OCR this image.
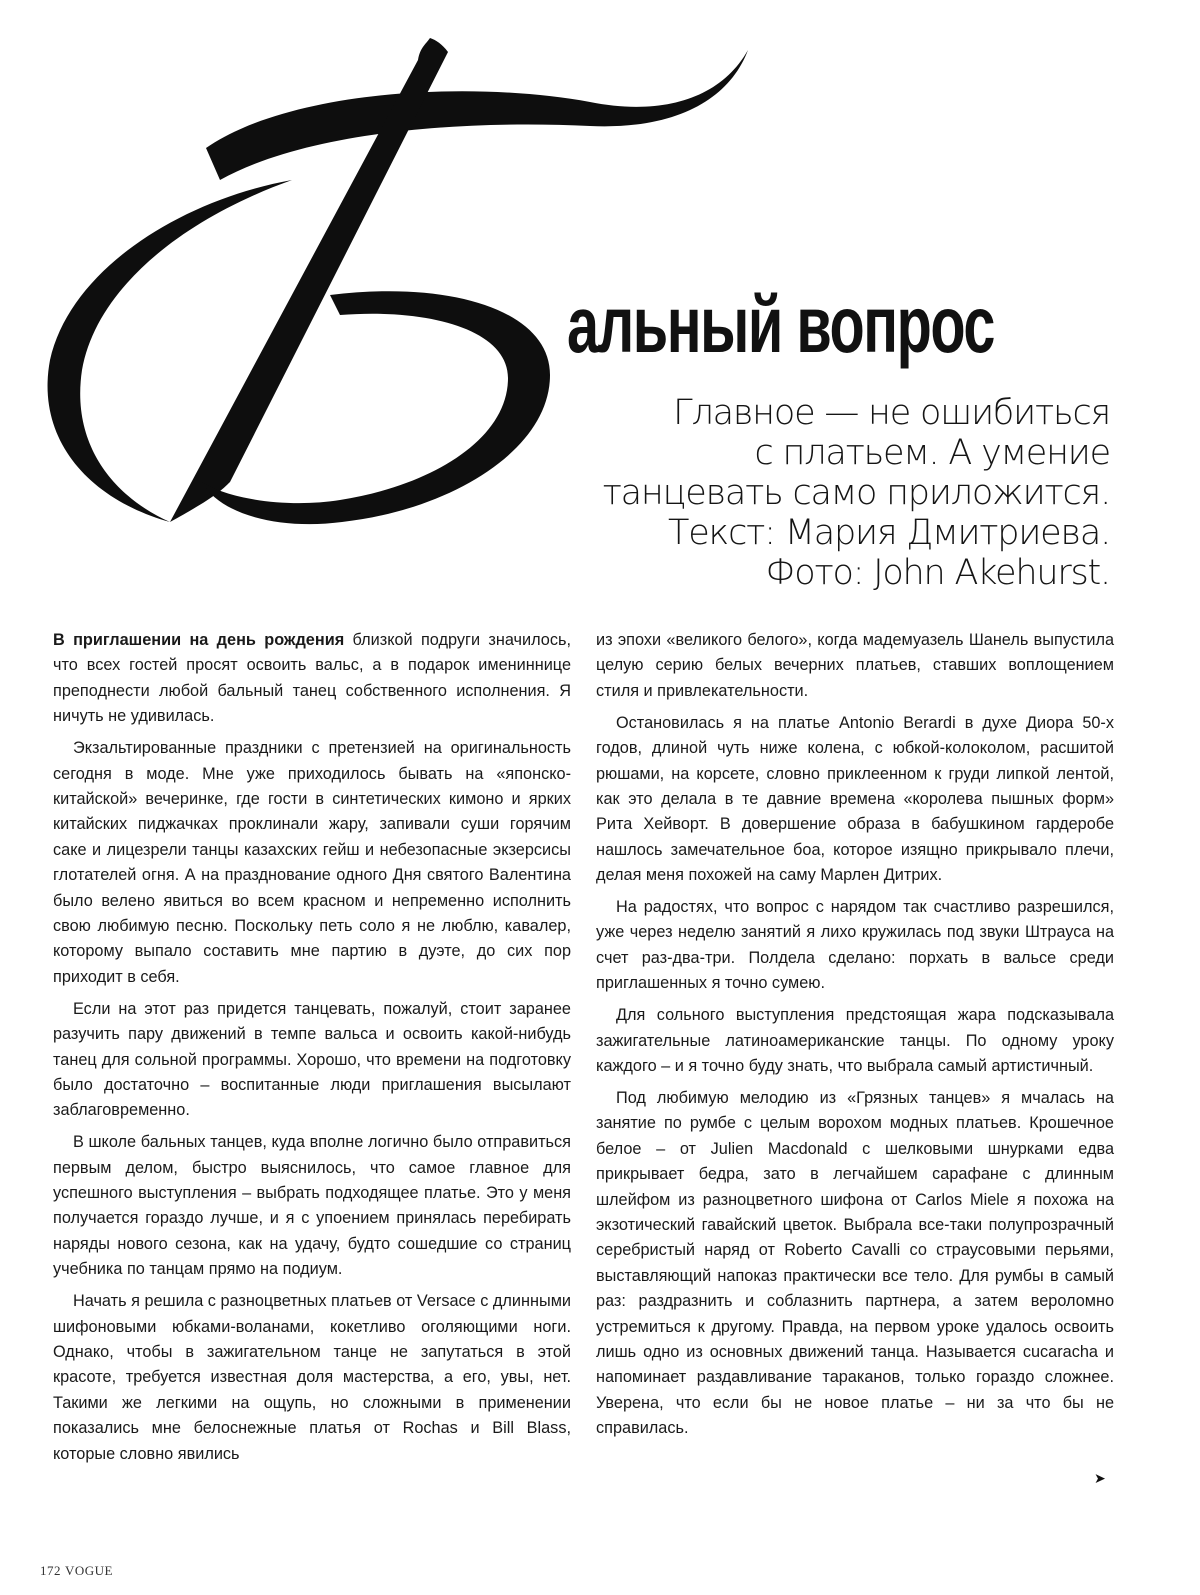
альный вопрос
Главное — не ошибиться
с платьем. А умение
танцевать само приложится.
Текст: Мария Дмитриева.
Фото: John Akehurst.

В приглашении на день рождения близкой подруги значилось, что всех гостей просят освоить вальс, а в подарок имениннице преподнести любой бальный танец собственного исполнения. Я ничуть не удивилась.

Экзальтированные праздники с претензией на оригинальность сегодня в моде. Мне уже приходилось бывать на «японско-китайской» вечеринке, где гости в синтетических кимоно и ярких китайских пиджачках проклинали жару, запивали суши горячим саке и лицезрели танцы казахских гейш и небезопасные экзерсисы глотателей огня. А на празднование одного Дня святого Валентина было велено явиться во всем красном и непременно исполнить свою любимую песню. Поскольку петь соло я не люблю, кавалер, которому выпало составить мне партию в дуэте, до сих пор приходит в себя.

Если на этот раз придется танцевать, пожалуй, стоит заранее разучить пару движений в темпе вальса и освоить какой-нибудь танец для сольной программы. Хорошо, что времени на подготовку было достаточно – воспитанные люди приглашения высылают заблаговременно.

В школе бальных танцев, куда вполне логично было отправиться первым делом, быстро выяснилось, что самое главное для успешного выступления – выбрать подходящее платье. Это у меня получается гораздо лучше, и я с упоением принялась перебирать наряды нового сезона, как на удачу, будто сошедшие со страниц учебника по танцам прямо на подиум.

Начать я решила с разноцветных платьев от Versace с длинными шифоновыми юбками-воланами, кокетливо оголяющими ноги. Однако, чтобы в зажигательном танце не запутаться в этой красоте, требуется известная доля мастерства, а его, увы, нет. Такими же легкими на ощупь, но сложными в применении показались мне белоснежные платья от Rochas и Bill Blass, которые словно явились

из эпохи «великого белого», когда мадемуазель Шанель выпустила целую серию белых вечерних платьев, ставших воплощением стиля и привлекательности.

Остановилась я на платье Antonio Berardi в духе Диора 50-х годов, длиной чуть ниже колена, с юбкой-колоколом, расшитой рюшами, на корсете, словно приклеенном к груди липкой лентой, как это делала в те давние времена «королева пышных форм» Рита Хейворт. В довершение образа в бабушкином гардеробе нашлось замечательное боа, которое изящно прикрывало плечи, делая меня похожей на саму Марлен Дитрих.

На радостях, что вопрос с нарядом так счастливо разрешился, уже через неделю занятий я лихо кружилась под звуки Штрауса на счет раз-два-три. Полдела сделано: порхать в вальсе среди приглашенных я точно сумею.

Для сольного выступления предстоящая жара подсказывала зажигательные латиноамериканские танцы. По одному уроку каждого – и я точно буду знать, что выбрала самый артистичный.

Под любимую мелодию из «Грязных танцев» я мчалась на занятие по румбе с целым ворохом модных платьев. Крошечное белое – от Julien Macdonald с шелковыми шнурками едва прикрывает бедра, зато в легчайшем сарафане с длинным шлейфом из разноцветного шифона от Carlos Miele я похожа на экзотический гавайский цветок. Выбрала все-таки полупрозрачный серебристый наряд от Roberto Cavalli со страусовыми перьями, выставляющий напоказ практически все тело. Для румбы в самый раз: раздразнить и соблазнить партнера, а затем вероломно устремиться к другому. Правда, на первом уроке удалось освоить лишь одно из основных движений танца. Называется cucaracha и напоминает раздавливание тараканов, только гораздо сложнее. Уверена, что если бы не новое платье – ни за что бы не справилась.

➤
172 VOGUE
